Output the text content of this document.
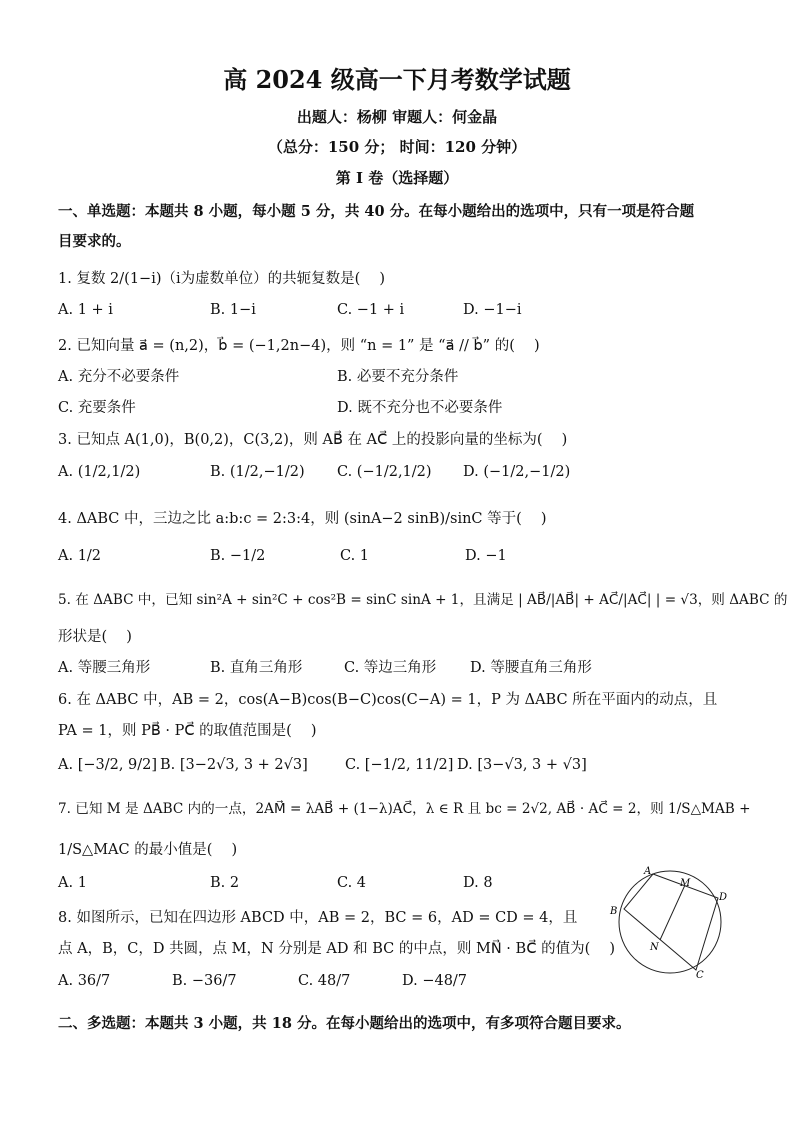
高 2024 级高一下月考数学试题
出题人：杨柳 审题人：何金晶
（总分：150 分； 时间：120 分钟）
第 I 卷（选择题）
一、单选题：本题共 8 小题，每小题 5 分，共 40 分。在每小题给出的选项中，只有一项是符合题
目要求的。
1. 复数 2/(1−i)（i为虚数单位）的共轭复数是(　 )
A. 1 + i	B. 1−i	C. −1 + i	D. −1−i
2. 已知向量 a⃗ = (n,2)，b⃗ = (−1,2n−4)，则 “n = 1” 是 “a⃗ // b⃗” 的(　 )
A. 充分不必要条件	B. 必要不充分条件
C. 充要条件	D. 既不充分也不必要条件
3. 已知点 A(1,0)，B(0,2)，C(3,2)，则 AB⃗ 在 AC⃗ 上的投影向量的坐标为(　 )
A. (1/2,1/2)	B. (1/2,−1/2) C. (−1/2,1/2) D. (−1/2,−1/2)
4. ΔABC 中，三边之比 a:b:c = 2:3:4，则 (sinA−2 sinB)/sinC 等于(　 )
A. 1/2	B. −1/2	C. 1	D. −1
5. 在 ΔABC 中，已知 sin²A + sin²C + cos²B = sinC sinA + 1，且满足 | AB⃗/|AB⃗| + AC⃗/|AC⃗| | = √3，则 ΔABC 的
形状是(　 )
A. 等腰三角形	B. 直角三角形	C. 等边三角形 D. 等腰直角三角形
6. 在 ΔABC 中，AB = 2，cos(A−B)cos(B−C)cos(C−A) = 1，P 为 ΔABC 所在平面内的动点，且
PA = 1，则 PB⃗ · PC⃗ 的取值范围是(　 )
A. [−3/2, 9/2] B. [3−2√3, 3 + 2√3]	C. [−1/2, 11/2] D. [3−√3, 3 + √3]
7. 已知 M 是 ΔABC 内的一点，2AM⃗ = λAB⃗ + (1−λ)AC⃗，λ ∈ R 且 bc = 2√2, AB⃗ · AC⃗ = 2，则 1/S△MAB +
1/S△MAC 的最小值是(　 )
A. 1	B. 2	C. 4	D. 8
8. 如图所示，已知在四边形 ABCD 中，AB = 2，BC = 6，AD = CD = 4，且
点 A，B，C，D 共圆，点 M，N 分别是 AD 和 BC 的中点，则 MN⃗ · BC⃗ 的值为(　 )
A. 36/7	B. −36/7	C. 48/7	D. −48/7
A
M
D
B
N
C
二、多选题：本题共 3 小题，共 18 分。在每小题给出的选项中，有多项符合题目要求。
